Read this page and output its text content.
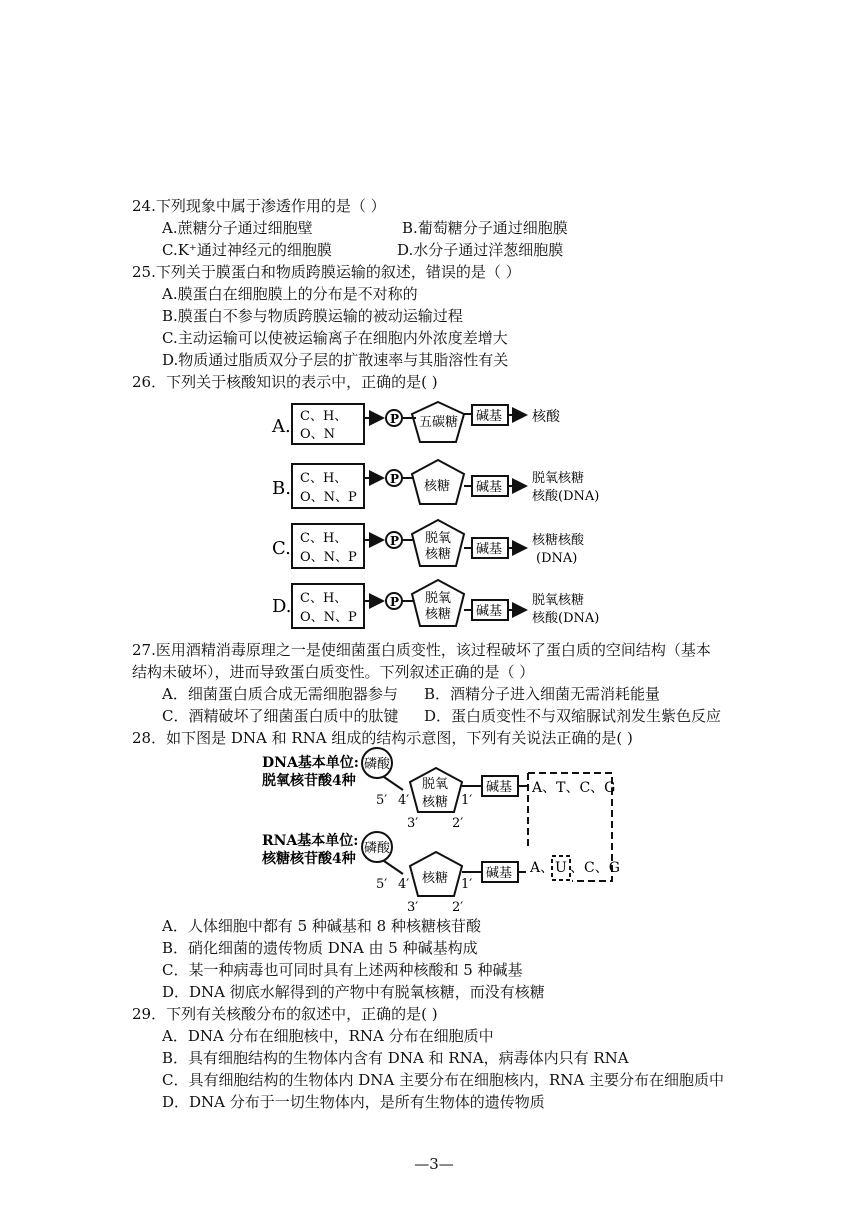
24.下列现象中属于渗透作用的是（ ）
A.蔗糖分子通过细胞壁	B.葡萄糖分子通过细胞膜
C.K⁺通过神经元的细胞膜	D.水分子通过洋葱细胞膜
25.下列关于膜蛋白和物质跨膜运输的叙述，错误的是（ ）
A.膜蛋白在细胞膜上的分布是不对称的
B.膜蛋白不参与物质跨膜运输的被动运输过程
C.主动运输可以使被运输离子在细胞内外浓度差增大
D.物质通过脂质双分子层的扩散速率与其脂溶性有关
26．下列关于核酸知识的表示中，正确的是( )
A. C、H、
O、N
P 五碳糖 碱基 核酸
B. C、H、
O、N、P
P 核糖 碱基
脱氧核糖
核酸(DNA)
C. C、H、
O、N、P
P 脱氧
核糖 碱基
核糖核酸
(DNA)
D. C、H、
O、N、P
P 脱氧
核糖 碱基
脱氧核糖
核酸(DNA)
DNA基本单位:
脱氧核苷酸4种
磷酸
脱氧
核糖
5′ 4′	1′
3′	2′
碱基 A、T、C、G
RNA基本单位:
核糖核苷酸4种
磷酸
核糖
5′ 4′	1′
3′	2′
碱基 A、 U 、C、G
27.医用酒精消毒原理之一是使细菌蛋白质变性，该过程破坏了蛋白质的空间结构（基本
结构未破坏），进而导致蛋白质变性。下列叙述正确的是（ ）
A．细菌蛋白质合成无需细胞器参与 B．酒精分子进入细菌无需消耗能量
C．酒精破坏了细菌蛋白质中的肽键 D．蛋白质变性不与双缩脲试剂发生紫色反应
28．如下图是 DNA 和 RNA 组成的结构示意图，下列有关说法正确的是( )
A．人体细胞中都有 5 种碱基和 8 种核糖核苷酸
B．硝化细菌的遗传物质 DNA 由 5 种碱基构成
C．某一种病毒也可同时具有上述两种核酸和 5 种碱基
D．DNA 彻底水解得到的产物中有脱氧核糖，而没有核糖
29．下列有关核酸分布的叙述中，正确的是( )
A．DNA 分布在细胞核中，RNA 分布在细胞质中
B．具有细胞结构的生物体内含有 DNA 和 RNA，病毒体内只有 RNA
C．具有细胞结构的生物体内 DNA 主要分布在细胞核内，RNA 主要分布在细胞质中
D．DNA 分布于一切生物体内，是所有生物体的遗传物质
—3—
